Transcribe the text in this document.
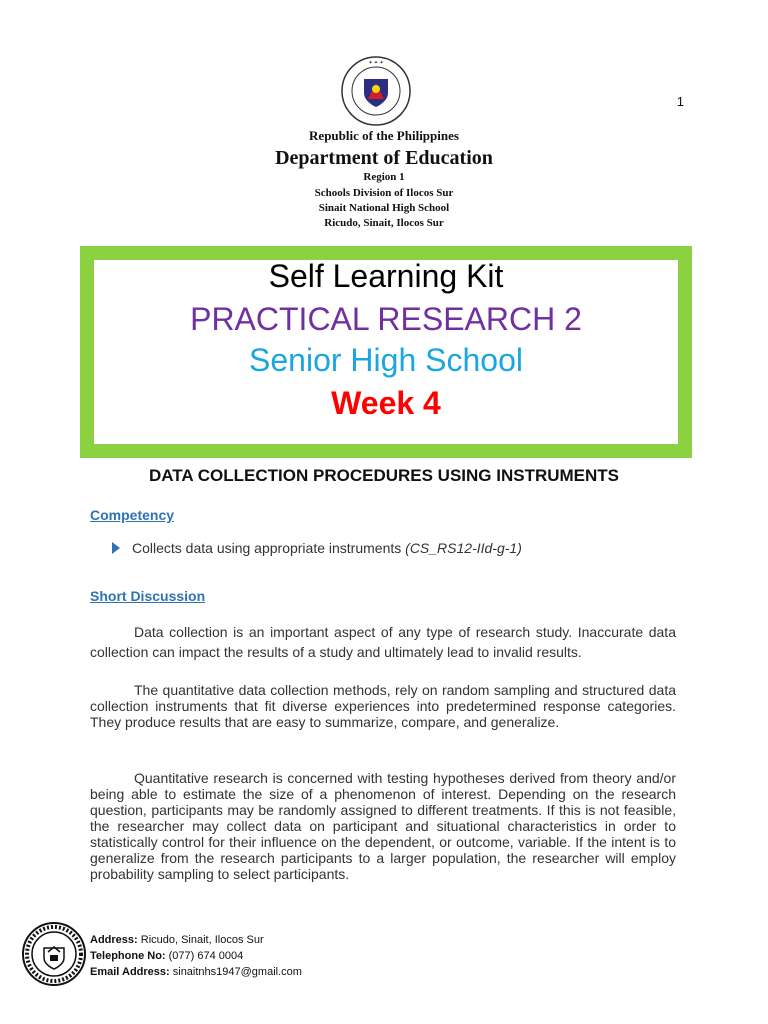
✦ ✦ ✦
1
Republic of the Philippines
Department of Education
Region 1
Schools Division of Ilocos Sur
Sinait National High School
Ricudo, Sinait, Ilocos Sur
Self Learning Kit
PRACTICAL RESEARCH 2
Senior High School
Week 4
DATA COLLECTION PROCEDURES USING INSTRUMENTS
Competency
Collects data using appropriate instruments (CS_RS12-IId-g-1)
Short Discussion

Data collection is an important aspect of any type of research study. Inaccurate data collection can impact the results of a study and ultimately lead to invalid results.

The quantitative data collection methods, rely on random sampling and structured data collection instruments that fit diverse experiences into predetermined response categories. They produce results that are easy to summarize, compare, and generalize.

Quantitative research is concerned with testing hypotheses derived from theory and/or being able to estimate the size of a phenomenon of interest. Depending on the research question, participants may be randomly assigned to different treatments. If this is not feasible, the researcher may collect data on participant and situational characteristics in order to statistically control for their influence on the dependent, or outcome, variable. If the intent is to generalize from the research participants to a larger population, the researcher will employ probability sampling to select participants.

Address: Ricudo, Sinait, Ilocos Sur
Telephone No: (077) 674 0004
Email Address: sinaitnhs1947@gmail.com
